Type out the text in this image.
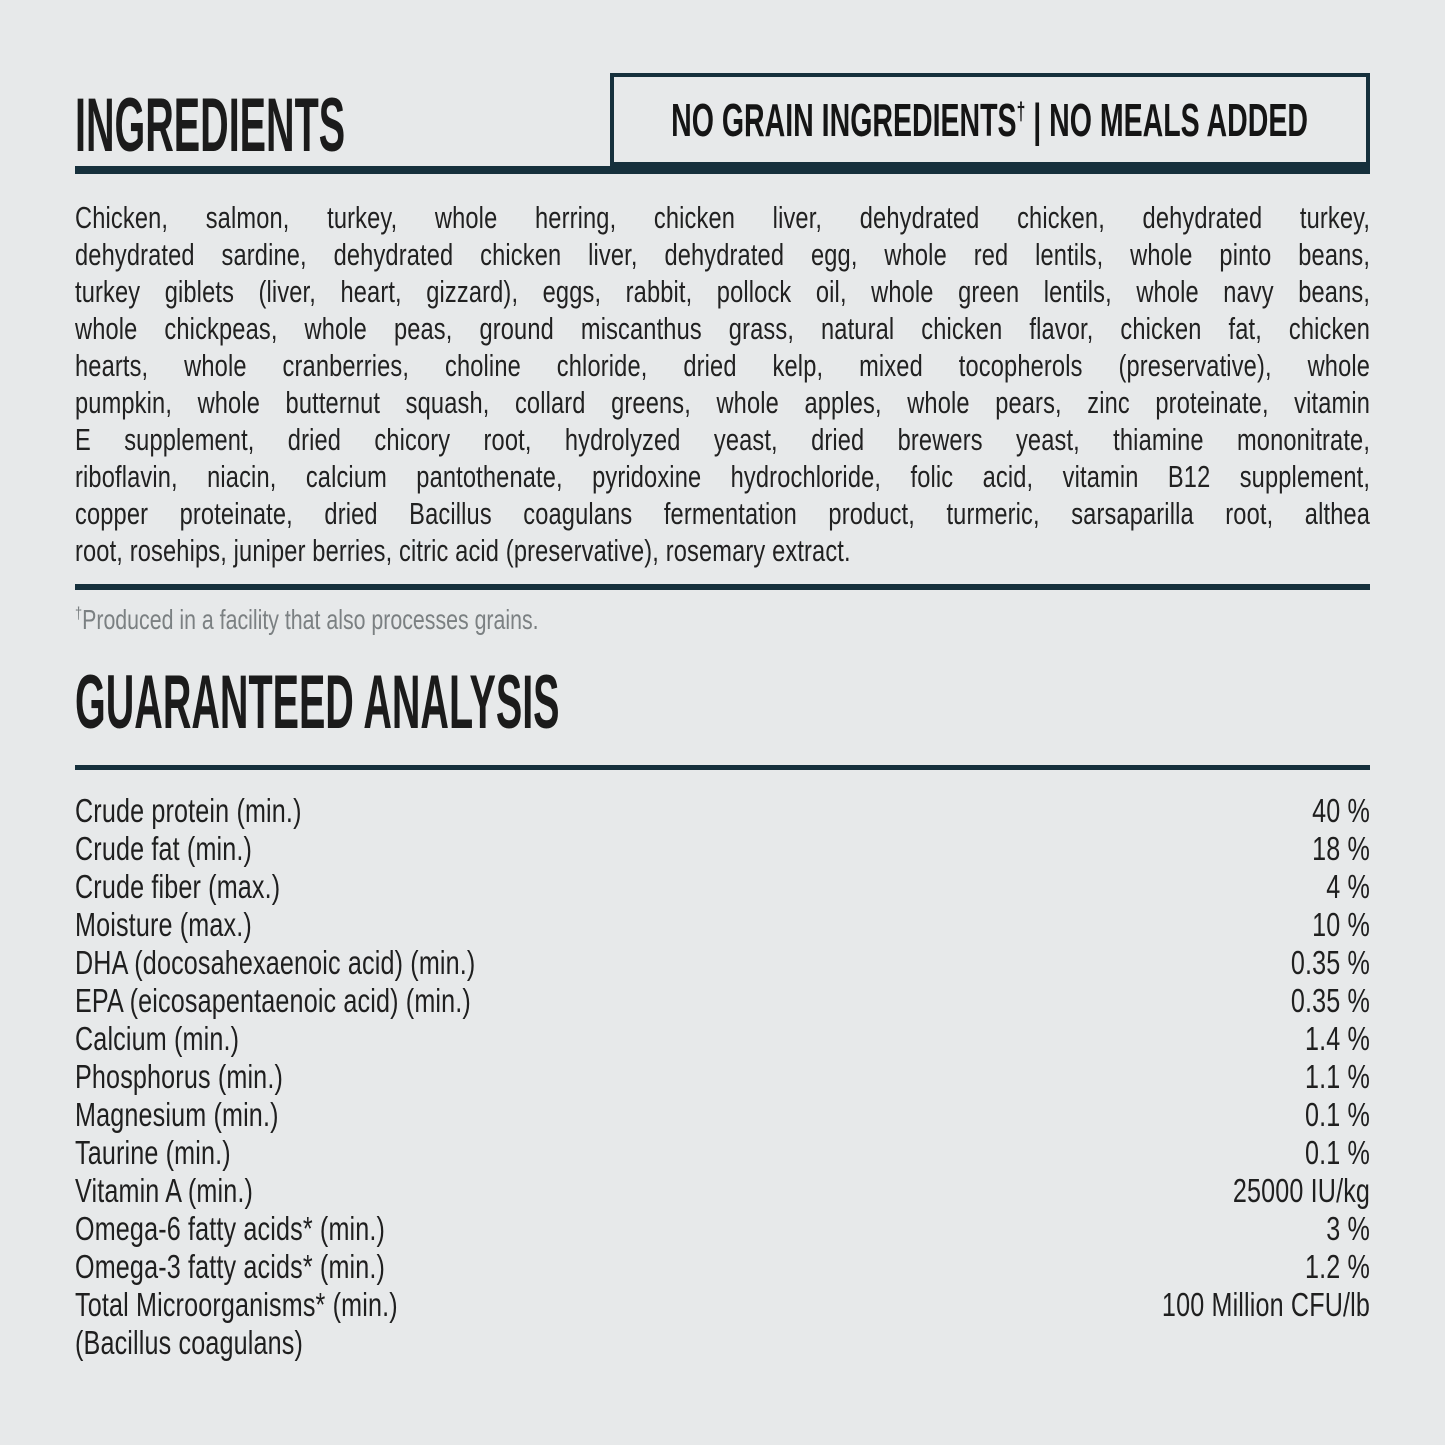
INGREDIENTS	NO GRAIN INGREDIENTS† | NO MEALS ADDED
Chicken, salmon, turkey, whole herring, chicken liver, dehydrated chicken, dehydrated turkey,
dehydrated sardine, dehydrated chicken liver, dehydrated egg, whole red lentils, whole pinto beans,
turkey giblets (liver, heart, gizzard), eggs, rabbit, pollock oil, whole green lentils, whole navy beans,
whole chickpeas, whole peas, ground miscanthus grass, natural chicken flavor, chicken fat, chicken
hearts, whole cranberries, choline chloride, dried kelp, mixed tocopherols (preservative), whole
pumpkin, whole butternut squash, collard greens, whole apples, whole pears, zinc proteinate, vitamin
E supplement, dried chicory root, hydrolyzed yeast, dried brewers yeast, thiamine mononitrate,
riboflavin, niacin, calcium pantothenate, pyridoxine hydrochloride, folic acid, vitamin B12 supplement,
copper proteinate, dried Bacillus coagulans fermentation product, turmeric, sarsaparilla root, althea
root, rosehips, juniper berries, citric acid (preservative), rosemary extract.

†Produced in a facility that also processes grains.

GUARANTEED ANALYSIS
Crude protein (min.)	40 %
Crude fat (min.)	18 %
Crude fiber (max.)	4 %
Moisture (max.)	10 %
DHA (docosahexaenoic acid) (min.)	0.35 %
EPA (eicosapentaenoic acid) (min.)	0.35 %
Calcium (min.)	1.4 %
Phosphorus (min.)	1.1 %
Magnesium (min.)	0.1 %
Taurine (min.)	0.1 %
Vitamin A (min.)	25000 IU/kg
Omega-6 fatty acids* (min.)	3 %
Omega-3 fatty acids* (min.)	1.2 %
Total Microorganisms* (min.)	100 Million CFU/lb
(Bacillus coagulans)
